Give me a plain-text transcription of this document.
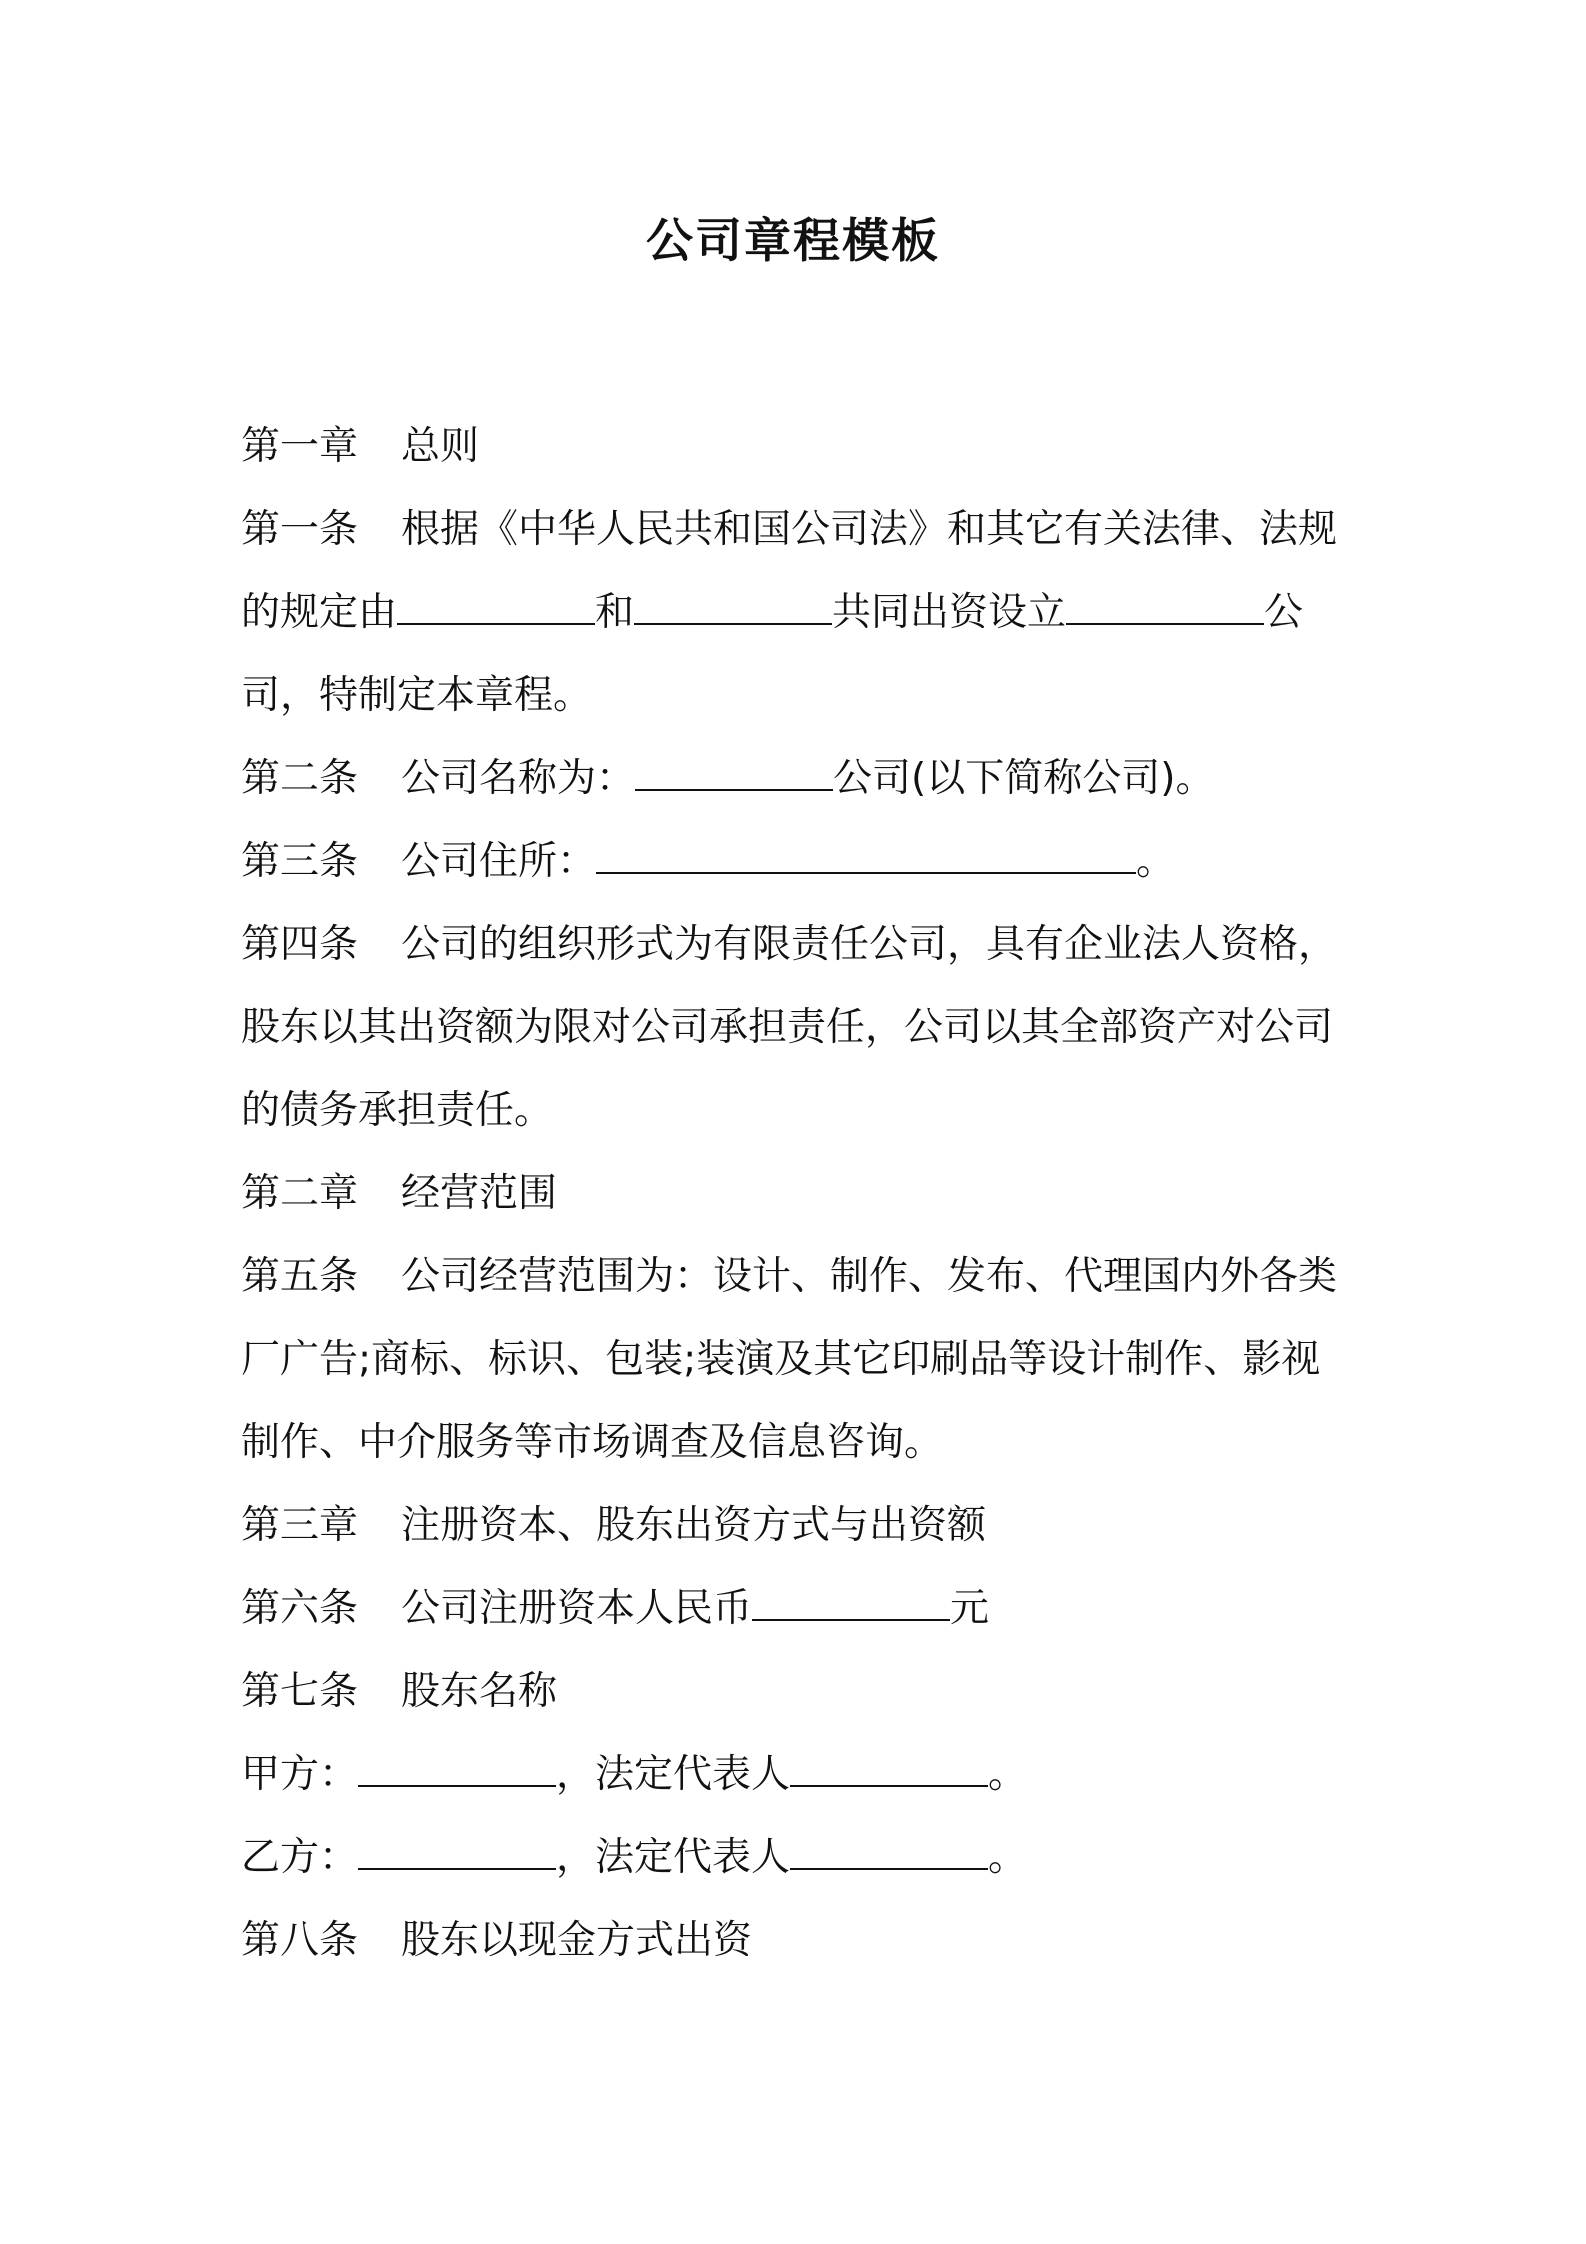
公司章程模板
第一章 总则
第一条 根据《中华人民共和国公司法》和其它有关法律、法规
的规定由	和	共同出资设立	公
司，特制定本章程。
第二条 公司名称为：	公司(以下简称公司)。
第三条 公司住所：	。
第四条 公司的组织形式为有限责任公司，具有企业法人资格，
股东以其出资额为限对公司承担责任，公司以其全部资产对公司
的债务承担责任。
第二章 经营范围
第五条 公司经营范围为：设计、制作、发布、代理国内外各类
厂广告;商标、标识、包装;装演及其它印刷品等设计制作、影视
制作、中介服务等市场调查及信息咨询。
第三章 注册资本、股东出资方式与出资额
第六条 公司注册资本人民币	元
第七条 股东名称
甲方：	，法定代表人	。
乙方：	，法定代表人	。
第八条 股东以现金方式出资
